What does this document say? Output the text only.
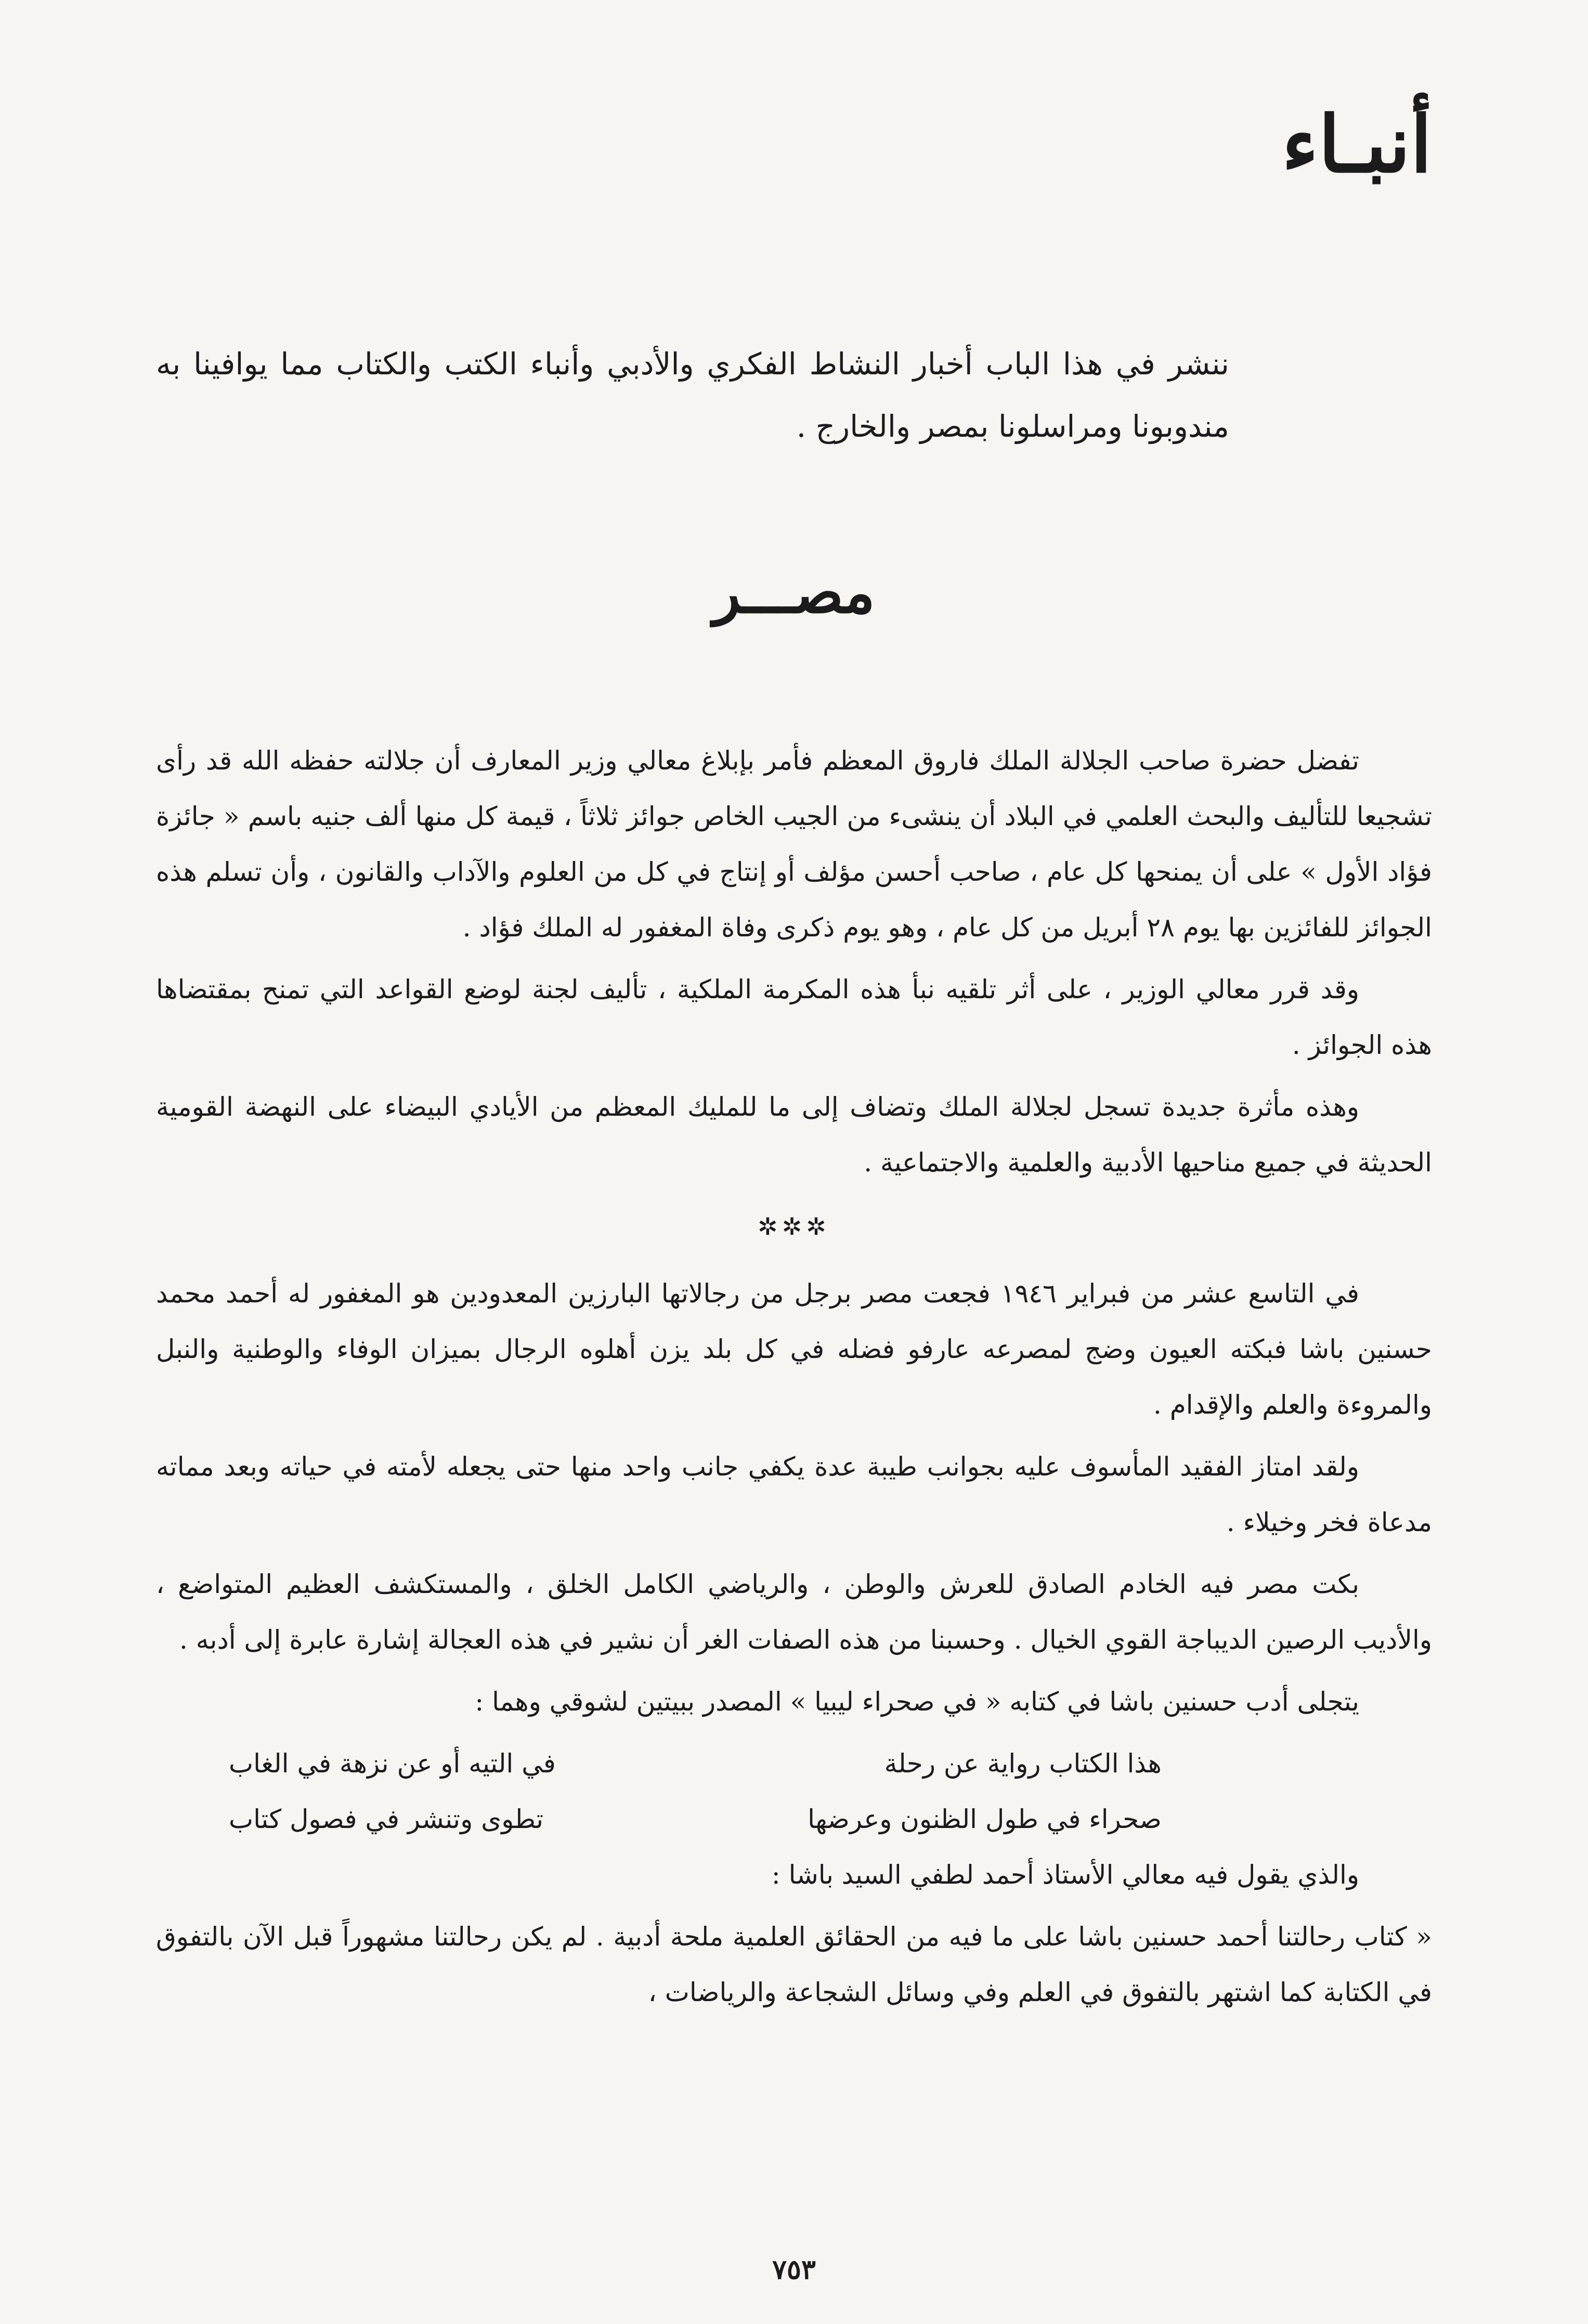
أنبـاء
ننشر في هذا الباب أخبار النشاط الفكري والأدبي وأنباء الكتب والكتاب مما يوافينا به مندوبونا ومراسلونا بمصر والخارج .
مصـــر

تفضل حضرة صاحب الجلالة الملك فاروق المعظم فأمر بإبلاغ معالي وزير المعارف أن جلالته حفظه الله قد رأى تشجيعا للتأليف والبحث العلمي في البلاد أن ينشىء من الجيب الخاص جوائز ثلاثاً ، قيمة كل منها ألف جنيه باسم « جائزة فؤاد الأول » على أن يمنحها كل عام ، صاحب أحسن مؤلف أو إنتاج في كل من العلوم والآداب والقانون ، وأن تسلم هذه الجوائز للفائزين بها يوم ٢٨ أبريل من كل عام ، وهو يوم ذكرى وفاة المغفور له الملك فؤاد .

وقد قرر معالي الوزير ، على أثر تلقيه نبأ هذه المكرمة الملكية ، تأليف لجنة لوضع القواعد التي تمنح بمقتضاها هذه الجوائز .

وهذه مأثرة جديدة تسجل لجلالة الملك وتضاف إلى ما للمليك المعظم من الأيادي البيضاء على النهضة القومية الحديثة في جميع مناحيها الأدبية والعلمية والاجتماعية .

✲✲✲

في التاسع عشر من فبراير ١٩٤٦ فجعت مصر برجل من رجالاتها البارزين المعدودين هو المغفور له أحمد محمد حسنين باشا فبكته العيون وضج لمصرعه عارفو فضله في كل بلد يزن أهلوه الرجال بميزان الوفاء والوطنية والنبل والمروءة والعلم والإقدام .

ولقد امتاز الفقيد المأسوف عليه بجوانب طيبة عدة يكفي جانب واحد منها حتى يجعله لأمته في حياته وبعد مماته مدعاة فخر وخيلاء .

بكت مصر فيه الخادم الصادق للعرش والوطن ، والرياضي الكامل الخلق ، والمستكشف العظيم المتواضع ، والأديب الرصين الديباجة القوي الخيال . وحسبنا من هذه الصفات الغر أن نشير في هذه العجالة إشارة عابرة إلى أدبه .

يتجلى أدب حسنين باشا في كتابه « في صحراء ليبيا » المصدر ببيتين لشوقي وهما :

هذا الكتاب رواية عن رحلة
في التيه أو عن نزهة في الغاب
صحراء في طول الظنون وعرضها
تطوى وتنشر في فصول كتاب

والذي يقول فيه معالي الأستاذ أحمد لطفي السيد باشا :

« كتاب رحالتنا أحمد حسنين باشا على ما فيه من الحقائق العلمية ملحة أدبية . لم يكن رحالتنا مشهوراً قبل الآن بالتفوق في الكتابة كما اشتهر بالتفوق في العلم وفي وسائل الشجاعة والرياضات ،

٧٥٣
